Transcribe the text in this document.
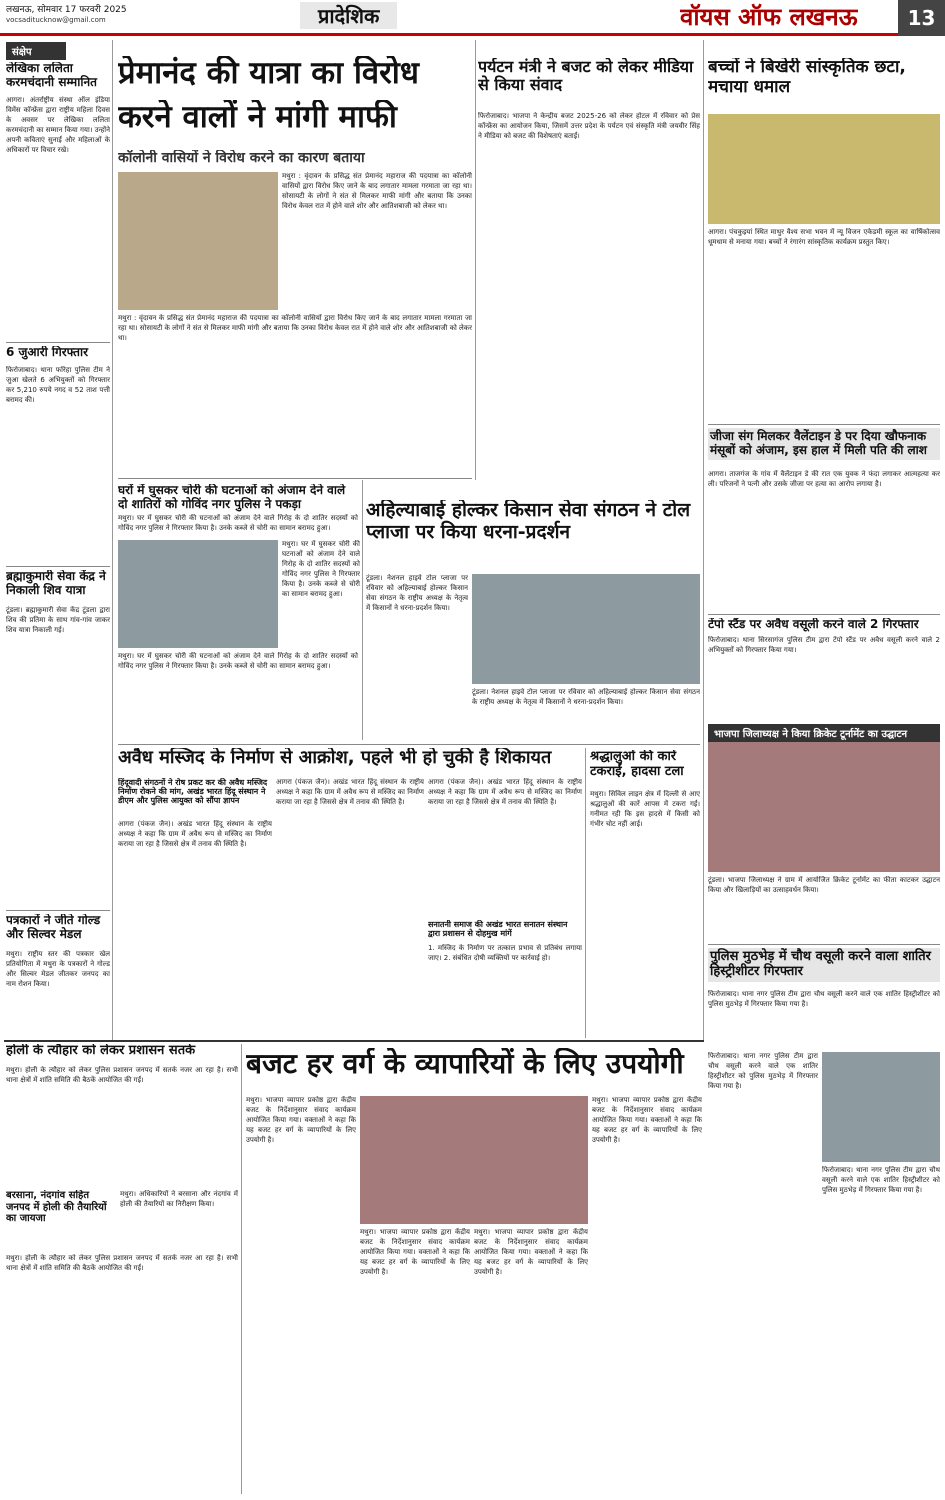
लखनऊ, सोमवार 17 फरवरी 2025
vocsaditucknow@gmail.com	प्रादेशिक	वॉयस ऑफ लखनऊ	13
संक्षेप
लेखिका ललिता करमचंदानी सम्मानित
आगरा। अंतर्राष्ट्रीय संस्था ऑल इंडिया विमेंस कॉन्फ्रेंस द्वारा राष्ट्रीय महिला दिवस के अवसर पर लेखिका ललिता करमचंदानी का सम्मान किया गया। उन्होंने अपनी कविताएं सुनाईं और महिलाओं के अधिकारों पर विचार रखे।
6 जुआरी गिरफ्तार
फिरोजाबाद। थाना फरिहा पुलिस टीम ने जुआ खेलते 6 अभियुक्तों को गिरफ्तार कर 5,210 रुपये नगद व 52 ताश पत्ती बरामद की।
ब्रह्माकुमारी सेवा केंद्र ने निकाली शिव यात्रा
टूंडला। ब्रह्माकुमारी सेवा केंद्र टूंडला द्वारा शिव की प्रतिमा के साथ गांव-गांव जाकर शिव यात्रा निकाली गई।
पत्रकारों ने जीते गोल्ड और सिल्वर मेडल
मथुरा। राष्ट्रीय स्तर की पत्रकार खेल प्रतियोगिता में मथुरा के पत्रकारों ने गोल्ड और सिल्वर मेडल जीतकर जनपद का नाम रोशन किया।
प्रेमानंद की यात्रा का विरोध
करने वालों ने मांगी माफी
कॉलोनी वासियों ने विरोध करने का कारण बताया
मथुरा : वृंदावन के प्रसिद्ध संत प्रेमानंद महाराज की पदयात्रा का कॉलोनी वासियों द्वारा विरोध किए जाने के बाद लगातार मामला गरमाता जा रहा था। सोसायटी के लोगों ने संत से मिलकर माफी मांगी और बताया कि उनका विरोध केवल रात में होने वाले शोर और आतिशबाजी को लेकर था।
मथुरा : वृंदावन के प्रसिद्ध संत प्रेमानंद महाराज की पदयात्रा का कॉलोनी वासियों द्वारा विरोध किए जाने के बाद लगातार मामला गरमाता जा रहा था। सोसायटी के लोगों ने संत से मिलकर माफी मांगी और बताया कि उनका विरोध केवल रात में होने वाले शोर और आतिशबाजी को लेकर था।
पर्यटन मंत्री ने बजट को लेकर मीडिया से किया संवाद
फिरोजाबाद। भाजपा ने केन्द्रीय बजट 2025-26 को लेकर होटल में रविवार को प्रेस कॉन्फ्रेंस का आयोजन किया, जिसमें उत्तर प्रदेश के पर्यटन एवं संस्कृति मंत्री जयवीर सिंह ने मीडिया को बजट की विशेषताएं बताईं।
बच्चों ने बिखेरी सांस्कृतिक छटा, मचाया धमाल
आगरा। पंचकुइयां स्थित माथुर वैश्य सभा भवन में न्यू विजन एकेडमी स्कूल का वार्षिकोत्सव धूमधाम से मनाया गया। बच्चों ने रंगारंग सांस्कृतिक कार्यक्रम प्रस्तुत किए।
जीजा संग मिलकर वैलेंटाइन डे पर दिया खौफनाक मंसूबों को अंजाम, इस हाल में मिली पति की लाश
आगरा। ताजगंज के गांव में वैलेंटाइन डे की रात एक युवक ने फंदा लगाकर आत्महत्या कर ली। परिजनों ने पत्नी और उसके जीजा पर हत्या का आरोप लगाया है।
टेंपो स्टैंड पर अवैध वसूली करने वाले 2 गिरफ्तार
फिरोजाबाद। थाना सिरसागंज पुलिस टीम द्वारा टेंपो स्टैंड पर अवैध वसूली करने वाले 2 अभियुक्तों को गिरफ्तार किया गया।
भाजपा जिलाध्यक्ष ने किया क्रिकेट टूर्नामेंट का उद्घाटन
टूंडला। भाजपा जिलाध्यक्ष ने ग्राम में आयोजित क्रिकेट टूर्नामेंट का फीता काटकर उद्घाटन किया और खिलाड़ियों का उत्साहवर्धन किया।
घरों में घुसकर चोरी की घटनाओं को अंजाम देने वाले दो शातिरों को गोविंद नगर पुलिस ने पकड़ा
मथुरा। घर में घुसकर चोरी की घटनाओं को अंजाम देने वाले गिरोह के दो शातिर सदस्यों को गोविंद नगर पुलिस ने गिरफ्तार किया है। उनके कब्जे से चोरी का सामान बरामद हुआ।
मथुरा। घर में घुसकर चोरी की घटनाओं को अंजाम देने वाले गिरोह के दो शातिर सदस्यों को गोविंद नगर पुलिस ने गिरफ्तार किया है। उनके कब्जे से चोरी का सामान बरामद हुआ।
मथुरा। घर में घुसकर चोरी की घटनाओं को अंजाम देने वाले गिरोह के दो शातिर सदस्यों को गोविंद नगर पुलिस ने गिरफ्तार किया है। उनके कब्जे से चोरी का सामान बरामद हुआ।
अहिल्याबाई होल्कर किसान सेवा संगठन ने टोल प्लाजा पर किया धरना-प्रदर्शन
टूंडला। नेशनल हाइवे टोल प्लाजा पर रविवार को अहिल्याबाई होल्कर किसान सेवा संगठन के राष्ट्रीय अध्यक्ष के नेतृत्व में किसानों ने धरना-प्रदर्शन किया।
टूंडला। नेशनल हाइवे टोल प्लाजा पर रविवार को अहिल्याबाई होल्कर किसान सेवा संगठन के राष्ट्रीय अध्यक्ष के नेतृत्व में किसानों ने धरना-प्रदर्शन किया।
अवैध मस्जिद के निर्माण से आक्रोश, पहले भी हो चुकी है शिकायत
हिंदूवादी संगठनों ने रोष प्रकट कर की अवैध मस्जिद निर्माण रोकने की मांग, अखंड भारत हिंदू संस्थान ने डीएम और पुलिस आयुक्त को सौंपा ज्ञापन
आगरा (पंकज जैन)। अखंड भारत हिंदू संस्थान के राष्ट्रीय अध्यक्ष ने कहा कि ग्राम में अवैध रूप से मस्जिद का निर्माण कराया जा रहा है जिससे क्षेत्र में तनाव की स्थिति है।
आगरा (पंकज जैन)। अखंड भारत हिंदू संस्थान के राष्ट्रीय अध्यक्ष ने कहा कि ग्राम में अवैध रूप से मस्जिद का निर्माण कराया जा रहा है जिससे क्षेत्र में तनाव की स्थिति है।
आगरा (पंकज जैन)। अखंड भारत हिंदू संस्थान के राष्ट्रीय अध्यक्ष ने कहा कि ग्राम में अवैध रूप से मस्जिद का निर्माण कराया जा रहा है जिससे क्षेत्र में तनाव की स्थिति है।
सनातनी समाज की अखंड भारत सनातन संस्थान द्वारा प्रशासन से दोहमुख मांगें
1. मस्जिद के निर्माण पर तत्काल प्रभाव से प्रतिबंध लगाया जाए। 2. संबंधित दोषी व्यक्तियों पर कार्रवाई हो।
श्रद्धालुओं की कारें टकराईं, हादसा टला
मथुरा। सिविल लाइन क्षेत्र में दिल्ली से आए श्रद्धालुओं की कारें आपस में टकरा गईं। गनीमत रही कि इस हादसे में किसी को गंभीर चोट नहीं आई।
पुलिस मुठभेड़ में चौथ वसूली करने वाला शातिर हिस्ट्रीशीटर गिरफ्तार
फिरोजाबाद। थाना नगर पुलिस टीम द्वारा चौथ वसूली करने वाले एक शातिर हिस्ट्रीशीटर को पुलिस मुठभेड़ में गिरफ्तार किया गया है।
फिरोजाबाद। थाना नगर पुलिस टीम द्वारा चौथ वसूली करने वाले एक शातिर हिस्ट्रीशीटर को पुलिस मुठभेड़ में गिरफ्तार किया गया है।
फिरोजाबाद। थाना नगर पुलिस टीम द्वारा चौथ वसूली करने वाले एक शातिर हिस्ट्रीशीटर को पुलिस मुठभेड़ में गिरफ्तार किया गया है।
होली के त्यौहार को लेकर प्रशासन सतर्क
मथुरा। होली के त्यौहार को लेकर पुलिस प्रशासन जनपद में सतर्क नजर आ रहा है। सभी थाना क्षेत्रों में शांति समिति की बैठकें आयोजित की गईं।
बरसाना, नंदगांव सहित जनपद में होली की तैयारियों का जायजा
मथुरा। अधिकारियों ने बरसाना और नंदगांव में होली की तैयारियों का निरीक्षण किया।
मथुरा। होली के त्यौहार को लेकर पुलिस प्रशासन जनपद में सतर्क नजर आ रहा है। सभी थाना क्षेत्रों में शांति समिति की बैठकें आयोजित की गईं।
बजट हर वर्ग के व्यापारियों के लिए उपयोगी
मथुरा। भाजपा व्यापार प्रकोष्ठ द्वारा केंद्रीय बजट के निर्देशानुसार संवाद कार्यक्रम आयोजित किया गया। वक्ताओं ने कहा कि यह बजट हर वर्ग के व्यापारियों के लिए उपयोगी है।
मथुरा। भाजपा व्यापार प्रकोष्ठ द्वारा केंद्रीय बजट के निर्देशानुसार संवाद कार्यक्रम आयोजित किया गया। वक्ताओं ने कहा कि यह बजट हर वर्ग के व्यापारियों के लिए उपयोगी है।
मथुरा। भाजपा व्यापार प्रकोष्ठ द्वारा केंद्रीय बजट के निर्देशानुसार संवाद कार्यक्रम आयोजित किया गया। वक्ताओं ने कहा कि यह बजट हर वर्ग के व्यापारियों के लिए उपयोगी है।
मथुरा। भाजपा व्यापार प्रकोष्ठ द्वारा केंद्रीय बजट के निर्देशानुसार संवाद कार्यक्रम आयोजित किया गया। वक्ताओं ने कहा कि यह बजट हर वर्ग के व्यापारियों के लिए उपयोगी है।
